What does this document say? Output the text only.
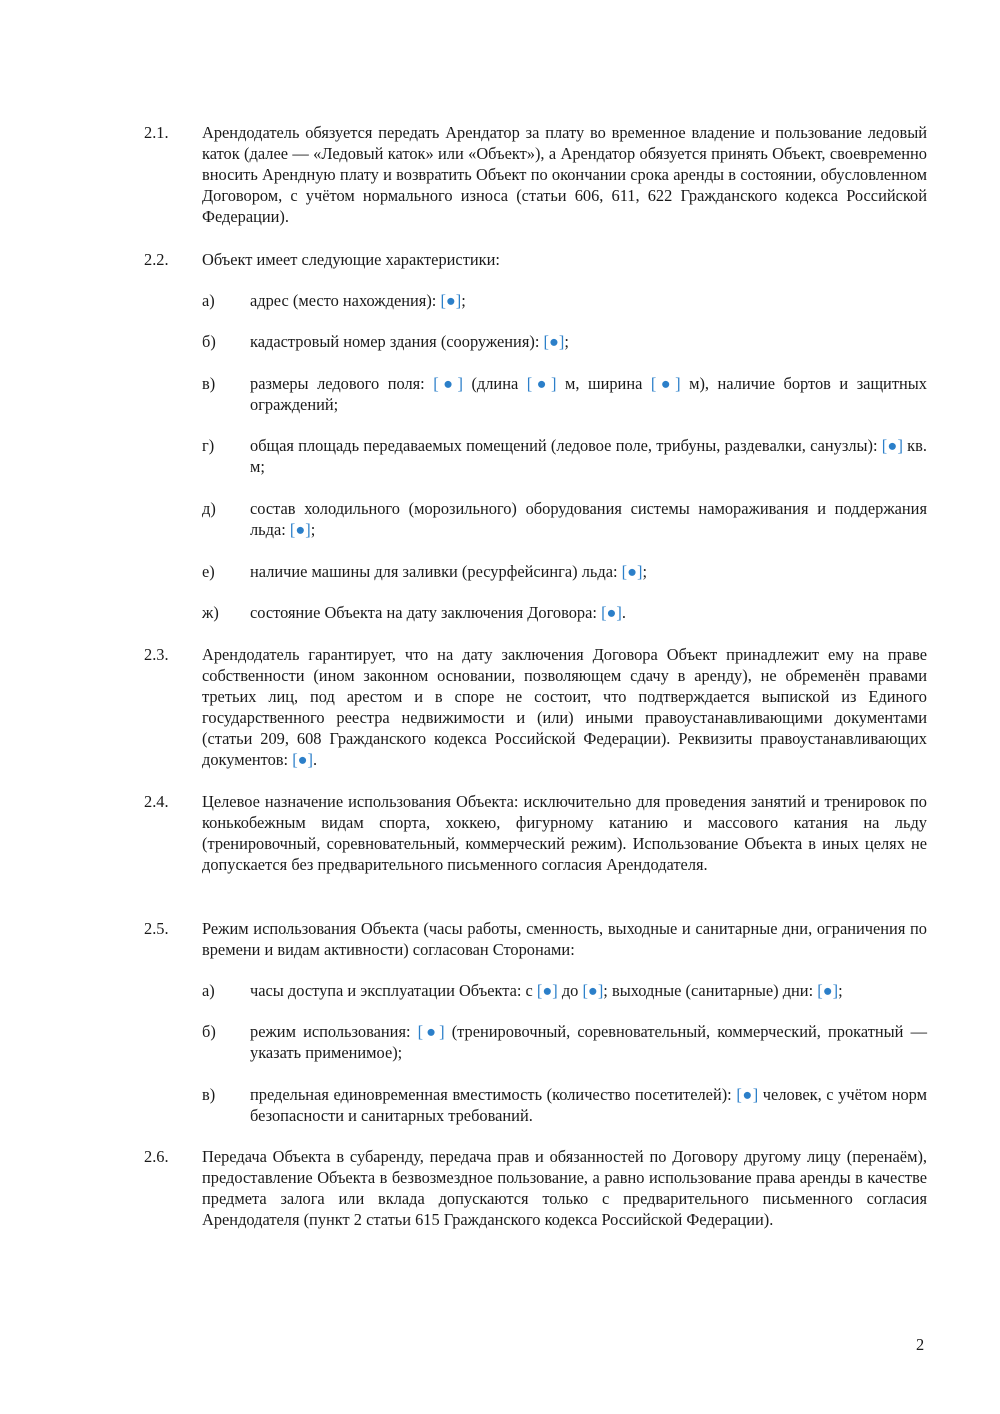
2.1. Арендодатель обязуется передать Арендатор за плату во временное владение и пользование ледовый каток (далее — «Ледовый каток» или «Объект»), а Арендатор обязуется принять Объект, своевременно вносить Арендную плату и возвратить Объект по окончании срока аренды в состоянии, обусловленном Договором, с учётом нормального износа (статьи 606, 611, 622 Гражданского кодекса Российской Федерации).
2.2. Объект имеет следующие характеристики:
а) адрес (место нахождения): [●];
б) кадастровый номер здания (сооружения): [●];
в) размеры ледового поля: [●] (длина [●] м, ширина [●] м), наличие бортов и защитных ограждений;
г) общая площадь передаваемых помещений (ледовое поле, трибуны, раздевалки, санузлы): [●] кв. м;
д) состав холодильного (морозильного) оборудования системы намораживания и поддержания льда: [●];
е) наличие машины для заливки (ресурфейсинга) льда: [●];
ж) состояние Объекта на дату заключения Договора: [●].
2.3. Арендодатель гарантирует, что на дату заключения Договора Объект принадлежит ему на праве собственности (ином законном основании, позволяющем сдачу в аренду), не обременён правами третьих лиц, под арестом и в споре не состоит, что подтверждается выпиской из Единого государственного реестра недвижимости и (или) иными правоустанавливающими документами (статьи 209, 608 Гражданского кодекса Российской Федерации). Реквизиты правоустанавливающих документов: [●].
2.4. Целевое назначение использования Объекта: исключительно для проведения занятий и тренировок по конькобежным видам спорта, хоккею, фигурному катанию и массового катания на льду (тренировочный, соревновательный, коммерческий режим). Использование Объекта в иных целях не допускается без предварительного письменного согласия Арендодателя.
2.5. Режим использования Объекта (часы работы, сменность, выходные и санитарные дни, ограничения по времени и видам активности) согласован Сторонами:
а) часы доступа и эксплуатации Объекта: с [●] до [●]; выходные (санитарные) дни: [●];
б) режим использования: [●] (тренировочный, соревновательный, коммерческий, прокатный — указать применимое);
в) предельная единовременная вместимость (количество посетителей): [●] человек, с учётом норм безопасности и санитарных требований.
2.6. Передача Объекта в субаренду, передача прав и обязанностей по Договору другому лицу (перенаём), предоставление Объекта в безвозмездное пользование, а равно использование права аренды в качестве предмета залога или вклада допускаются только с предварительного письменного согласия Арендодателя (пункт 2 статьи 615 Гражданского кодекса Российской Федерации).
2
